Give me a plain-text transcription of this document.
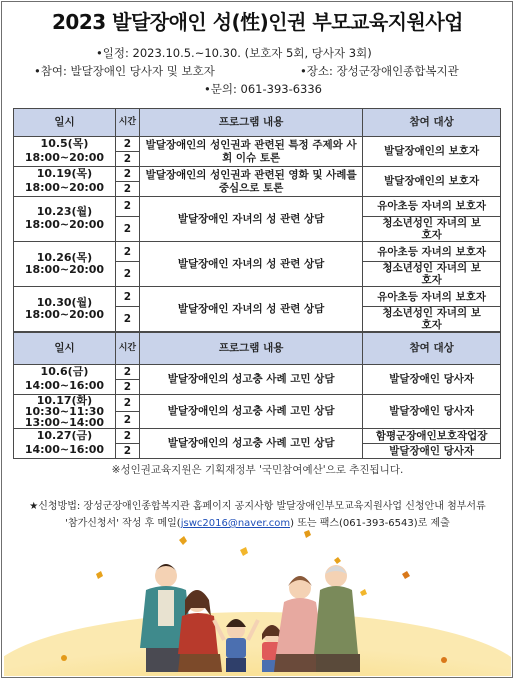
2023 발달장애인 성(性)인권 부모교육지원사업
•일정: 2023.10.5.~10.30. (보호자 5회, 당사자 3회)
•참여: 발달장애인 당사자 및 보호자	•장소: 장성군장애인종합복지관
•문의: 061-393-6336
일시	시간	프로그램 내용	참여 대상
10.5(목)	2	발달장애인의 성인권과 관련된 특정 주제와 사회 이슈 토론	발달장애인의 보호자
18:00~20:00	2		
10.19(목)	2	발달장애인의 성인권과 관련된 영화 및 사례를 중심으로 토론	발달장애인의 보호자
18:00~20:00	2		
10.23(월)
18:00~20:00	2	발달장애인 자녀의 성 관련 상담	유아초등 자녀의 보호자
	2		청소년성인 자녀의 보호자
10.26(목)
18:00~20:00	2	발달장애인 자녀의 성 관련 상담	유아초등 자녀의 보호자
	2		청소년성인 자녀의 보호자
10.30(월)
18:00~20:00	2	발달장애인 자녀의 성 관련 상담	유아초등 자녀의 보호자
	2		청소년성인 자녀의 보호자
일시	시간	프로그램 내용	참여 대상
10.6(금)	2	발달장애인의 성고충 사례 고민 상담	발달장애인 당사자
14:00~16:00	2		
10.17(화)
10:30~11:30
13:00~14:00	2	발달장애인의 성고충 사례 고민 상담	발달장애인 당사자
	2		
10.27(금)	2	발달장애인의 성고충 사례 고민 상담	함평군장애인보호작업장
14:00~16:00	2		발달장애인 당사자
※성인권교육지원은 기획재정부 '국민참여예산'으로 추진됩니다.
★신청방법: 장성군장애인종합복지관 홈페이지 공지사항 발달장애인부모교육지원사업 신청안내 첨부서류
'참가신청서' 작성 후 메일(jswc2016@naver.com) 또는 팩스(061-393-6543)로 제출
